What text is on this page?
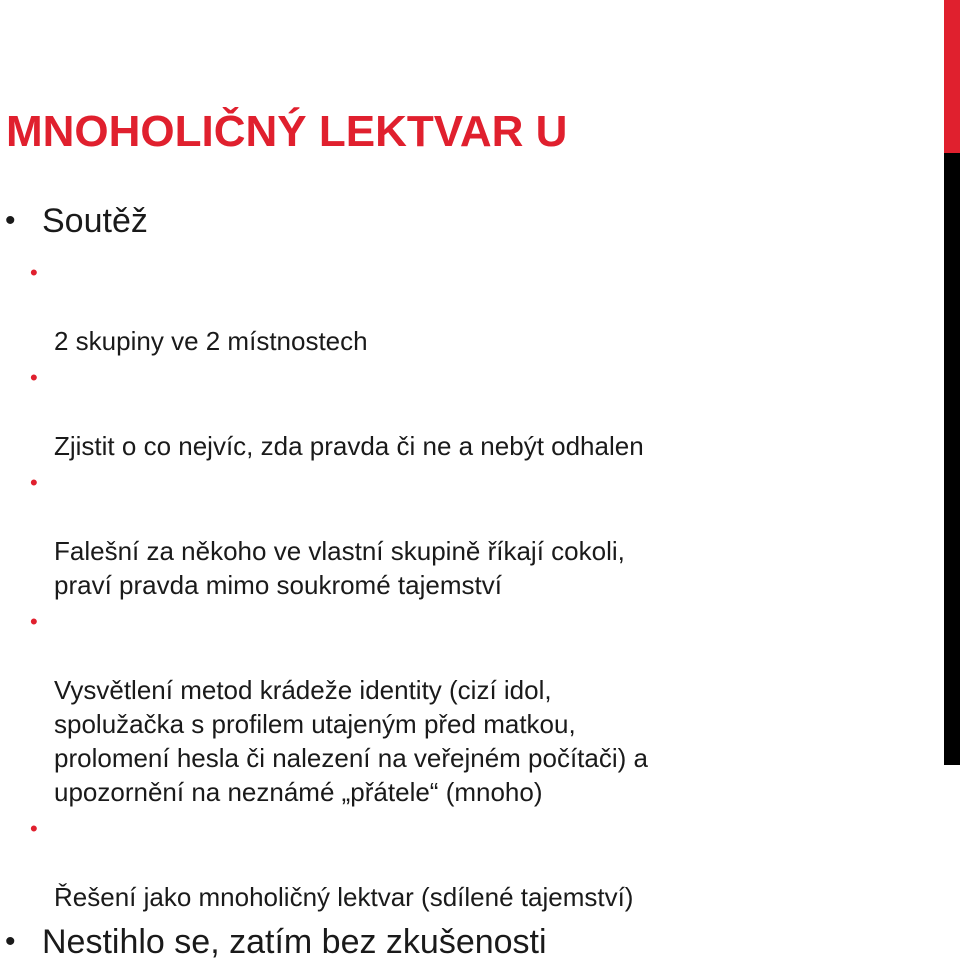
MNOHOLIČNÝ LEKTVAR U
• Soutěž

•

2 skupiny ve 2 místnostech

•

Zjistit o co nejvíc, zda pravda či ne a nebýt odhalen

•

Falešní za někoho ve vlastní skupině říkají cokoli,
praví pravda mimo soukromé tajemství

•

Vysvětlení metod krádeže identity (cizí idol,
spolužačka s profilem utajeným před matkou,
prolomení hesla či nalezení na veřejném počítači) a
upozornění na neznámé „přátele“ (mnoho)

•

Řešení jako mnoholičný lektvar (sdílené tajemství)

• Nestihlo se, zatím bez zkušenosti
